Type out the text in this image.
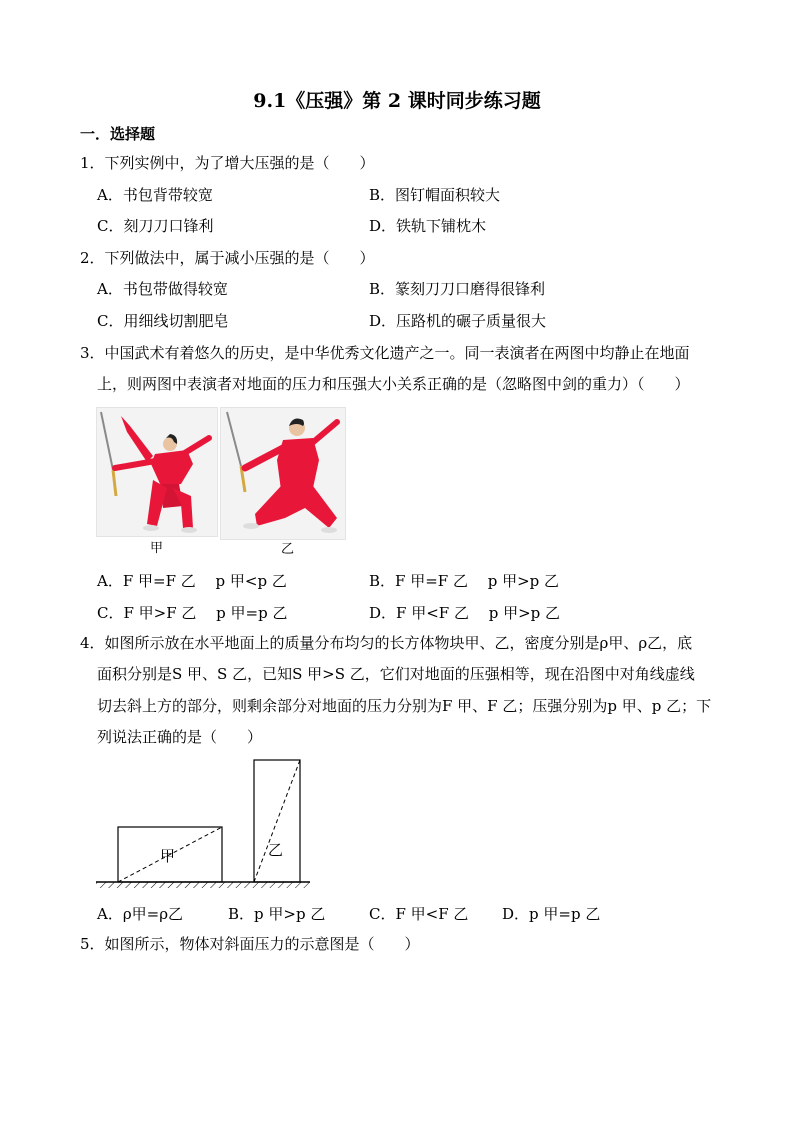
9.1《压强》第 2 课时同步练习题
一．选择题
1．下列实例中，为了增大压强的是（　　）
A．书包背带较宽	B．图钉帽面积较大
C．刻刀刀口锋利	D．铁轨下铺枕木
2．下列做法中，属于减小压强的是（　　）
A．书包带做得较宽	B．篆刻刀刀口磨得很锋利
C．用细线切割肥皂	D．压路机的碾子质量很大
3．中国武术有着悠久的历史，是中华优秀文化遗产之一。同一表演者在两图中均静止在地面
上，则两图中表演者对地面的压力和压强大小关系正确的是（忽略图中剑的重力）（　　）
甲	乙
A．F 甲=F 乙　 p 甲<p 乙	B．F 甲=F 乙　 p 甲>p 乙
C．F 甲>F 乙　 p 甲=p 乙	D．F 甲<F 乙　 p 甲>p 乙
4．如图所示放在水平地面上的质量分布均匀的长方体物块甲、乙，密度分别是ρ甲、ρ乙，底
面积分别是S 甲、S 乙，已知S 甲>S 乙，它们对地面的压强相等，现在沿图中对角线虚线
切去斜上方的部分，则剩余部分对地面的压力分别为F 甲、F 乙；压强分别为p 甲、p 乙；下
列说法正确的是（　　）
甲	乙
A．ρ甲=ρ乙	B．p 甲>p 乙	C．F 甲<F 乙 D．p 甲=p 乙
5．如图所示，物体对斜面压力的示意图是（　　）
